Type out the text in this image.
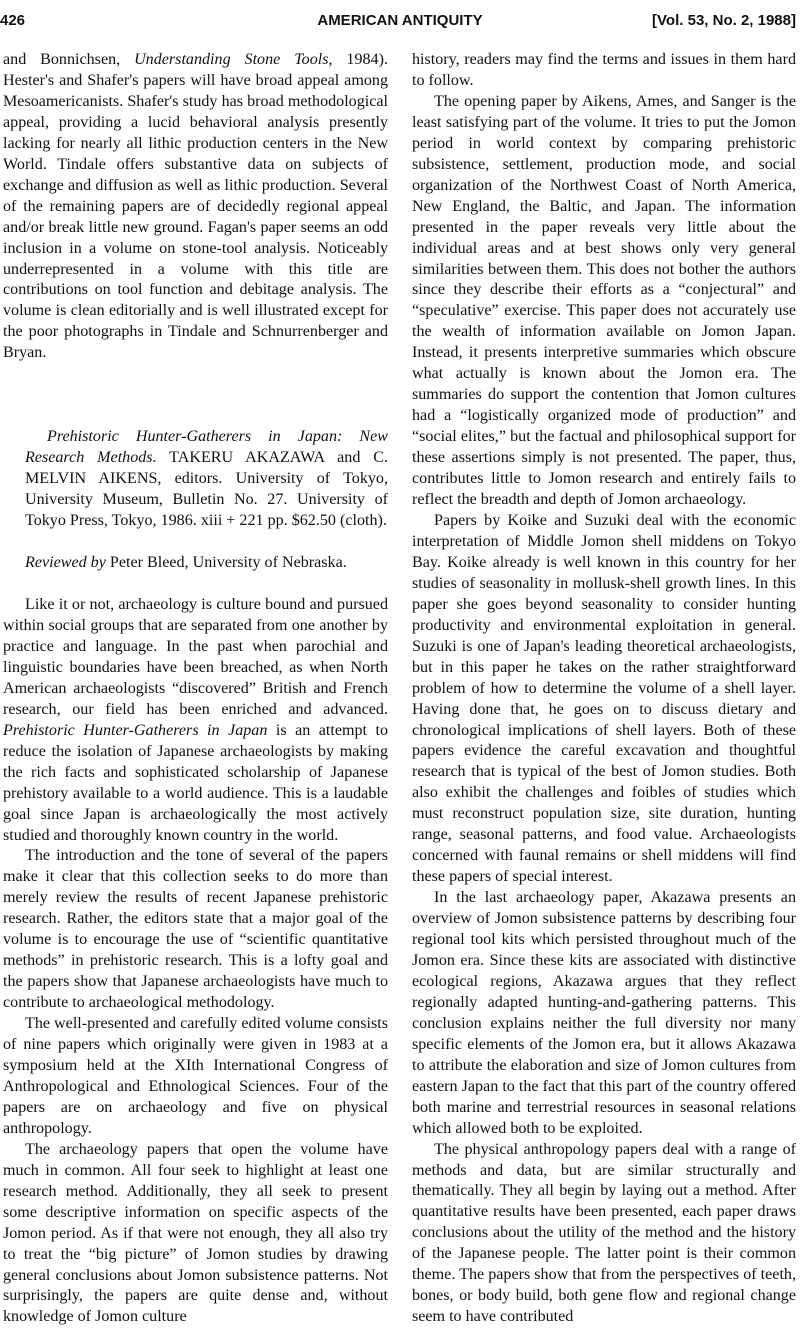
426	AMERICAN ANTIQUITY	[Vol. 53, No. 2, 1988]

and Bonnichsen, Understanding Stone Tools, 1984). Hester's and Shafer's papers will have broad appeal among Mesoamericanists. Shafer's study has broad methodological appeal, providing a lucid behavioral analysis presently lacking for nearly all lithic production centers in the New World. Tindale offers substantive data on subjects of exchange and diffusion as well as lithic production. Several of the remaining papers are of decidedly regional appeal and/or break little new ground. Fagan's paper seems an odd inclusion in a volume on stone-tool analysis. Noticeably underrepresented in a volume with this title are contributions on tool function and debitage analysis. The volume is clean editorially and is well illustrated except for the poor photographs in Tindale and Schnurrenberger and Bryan.

Prehistoric Hunter-Gatherers in Japan: New Research Methods. TAKERU AKAZAWA and C. MELVIN AIKENS, editors. University of Tokyo, University Museum, Bulletin No. 27. University of Tokyo Press, Tokyo, 1986. xiii + 221 pp. $62.50 (cloth).

Reviewed by Peter Bleed, University of Nebraska.

Like it or not, archaeology is culture bound and pursued within social groups that are separated from one another by practice and language. In the past when parochial and linguistic boundaries have been breached, as when North American archaeologists “discovered” British and French research, our field has been enriched and advanced. Prehistoric Hunter-Gatherers in Japan is an attempt to reduce the isolation of Japanese archaeologists by making the rich facts and sophisticated scholarship of Japanese prehistory available to a world audience. This is a laudable goal since Japan is archaeologically the most actively studied and thoroughly known country in the world.

The introduction and the tone of several of the papers make it clear that this collection seeks to do more than merely review the results of recent Japanese prehistoric research. Rather, the editors state that a major goal of the volume is to encourage the use of “scientific quantitative methods” in prehistoric research. This is a lofty goal and the papers show that Japanese archaeologists have much to contribute to archaeological methodology.

The well-presented and carefully edited volume consists of nine papers which originally were given in 1983 at a symposium held at the XIth International Congress of Anthropological and Ethnological Sciences. Four of the papers are on archaeology and five on physical anthropology.

The archaeology papers that open the volume have much in common. All four seek to highlight at least one research method. Additionally, they all seek to present some descriptive information on specific aspects of the Jomon period. As if that were not enough, they all also try to treat the “big picture” of Jomon studies by drawing general conclusions about Jomon subsistence patterns. Not surprisingly, the papers are quite dense and, without knowledge of Jomon culture

history, readers may find the terms and issues in them hard to follow.

The opening paper by Aikens, Ames, and Sanger is the least satisfying part of the volume. It tries to put the Jomon period in world context by comparing prehistoric subsistence, settlement, production mode, and social organization of the Northwest Coast of North America, New England, the Baltic, and Japan. The information presented in the paper reveals very little about the individual areas and at best shows only very general similarities between them. This does not bother the authors since they describe their efforts as a “conjectural” and “speculative” exercise. This paper does not accurately use the wealth of information available on Jomon Japan. Instead, it presents interpretive summaries which obscure what actually is known about the Jomon era. The summaries do support the contention that Jomon cultures had a “logistically organized mode of production” and “social elites,” but the factual and philosophical support for these assertions simply is not presented. The paper, thus, contributes little to Jomon research and entirely fails to reflect the breadth and depth of Jomon archaeology.

Papers by Koike and Suzuki deal with the economic interpretation of Middle Jomon shell middens on Tokyo Bay. Koike already is well known in this country for her studies of seasonality in mollusk-shell growth lines. In this paper she goes beyond seasonality to consider hunting productivity and environmental exploitation in general. Suzuki is one of Japan's leading theoretical archaeologists, but in this paper he takes on the rather straightforward problem of how to determine the volume of a shell layer. Having done that, he goes on to discuss dietary and chronological implications of shell layers. Both of these papers evidence the careful excavation and thoughtful research that is typical of the best of Jomon studies. Both also exhibit the challenges and foibles of studies which must reconstruct population size, site duration, hunting range, seasonal patterns, and food value. Archaeologists concerned with faunal remains or shell middens will find these papers of special interest.

In the last archaeology paper, Akazawa presents an overview of Jomon subsistence patterns by describing four regional tool kits which persisted throughout much of the Jomon era. Since these kits are associated with distinctive ecological regions, Akazawa argues that they reflect regionally adapted hunting-and-gathering patterns. This conclusion explains neither the full diversity nor many specific elements of the Jomon era, but it allows Akazawa to attribute the elaboration and size of Jomon cultures from eastern Japan to the fact that this part of the country offered both marine and terrestrial resources in seasonal relations which allowed both to be exploited.

The physical anthropology papers deal with a range of methods and data, but are similar structurally and thematically. They all begin by laying out a method. After quantitative results have been presented, each paper draws conclusions about the utility of the method and the history of the Japanese people. The latter point is their common theme. The papers show that from the perspectives of teeth, bones, or body build, both gene flow and regional change seem to have contributed
